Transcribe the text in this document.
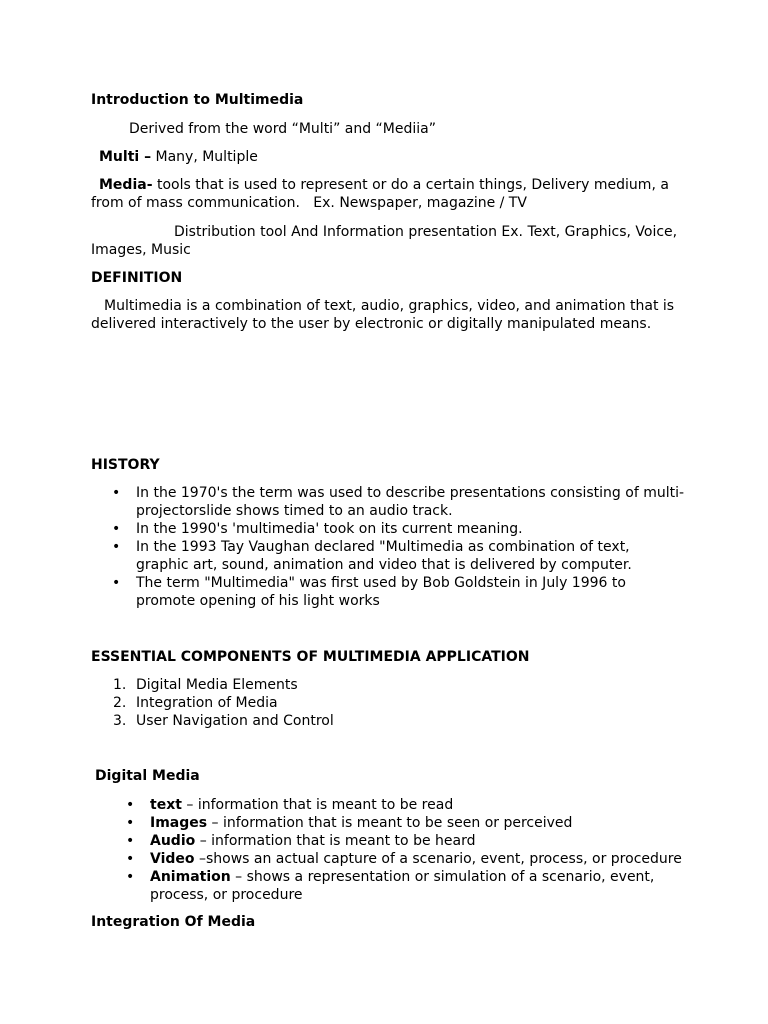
Introduction to Multimedia

Derived from the word “Multi” and “Mediia”

Multi – Many, Multiple

Media- tools that is used to represent or do a certain things, Delivery medium, a

from of mass communication.   Ex. Newspaper, magazine / TV

Distribution tool And Information presentation Ex. Text, Graphics, Voice,

Images, Music

DEFINITION

Multimedia is a combination of text, audio, graphics, video, and animation that is

delivered interactively to the user by electronic or digitally manipulated means.

HISTORY

• In the 1970's the term was used to describe presentations consisting of multi-

projectorslide shows timed to an audio track.

• In the 1990's 'multimedia' took on its current meaning.

• In the 1993 Tay Vaughan declared "Multimedia as combination of text,

graphic art, sound, animation and video that is delivered by computer.

• The term "Multimedia" was first used by Bob Goldstein in July 1996 to

promote opening of his light works

ESSENTIAL COMPONENTS OF MULTIMEDIA APPLICATION

1. Digital Media Elements

2. Integration of Media

3. User Navigation and Control

Digital Media

• text – information that is meant to be read

• Images – information that is meant to be seen or perceived

• Audio – information that is meant to be heard

• Video –shows an actual capture of a scenario, event, process, or procedure

• Animation – shows a representation or simulation of a scenario, event,

process, or procedure

Integration Of Media
